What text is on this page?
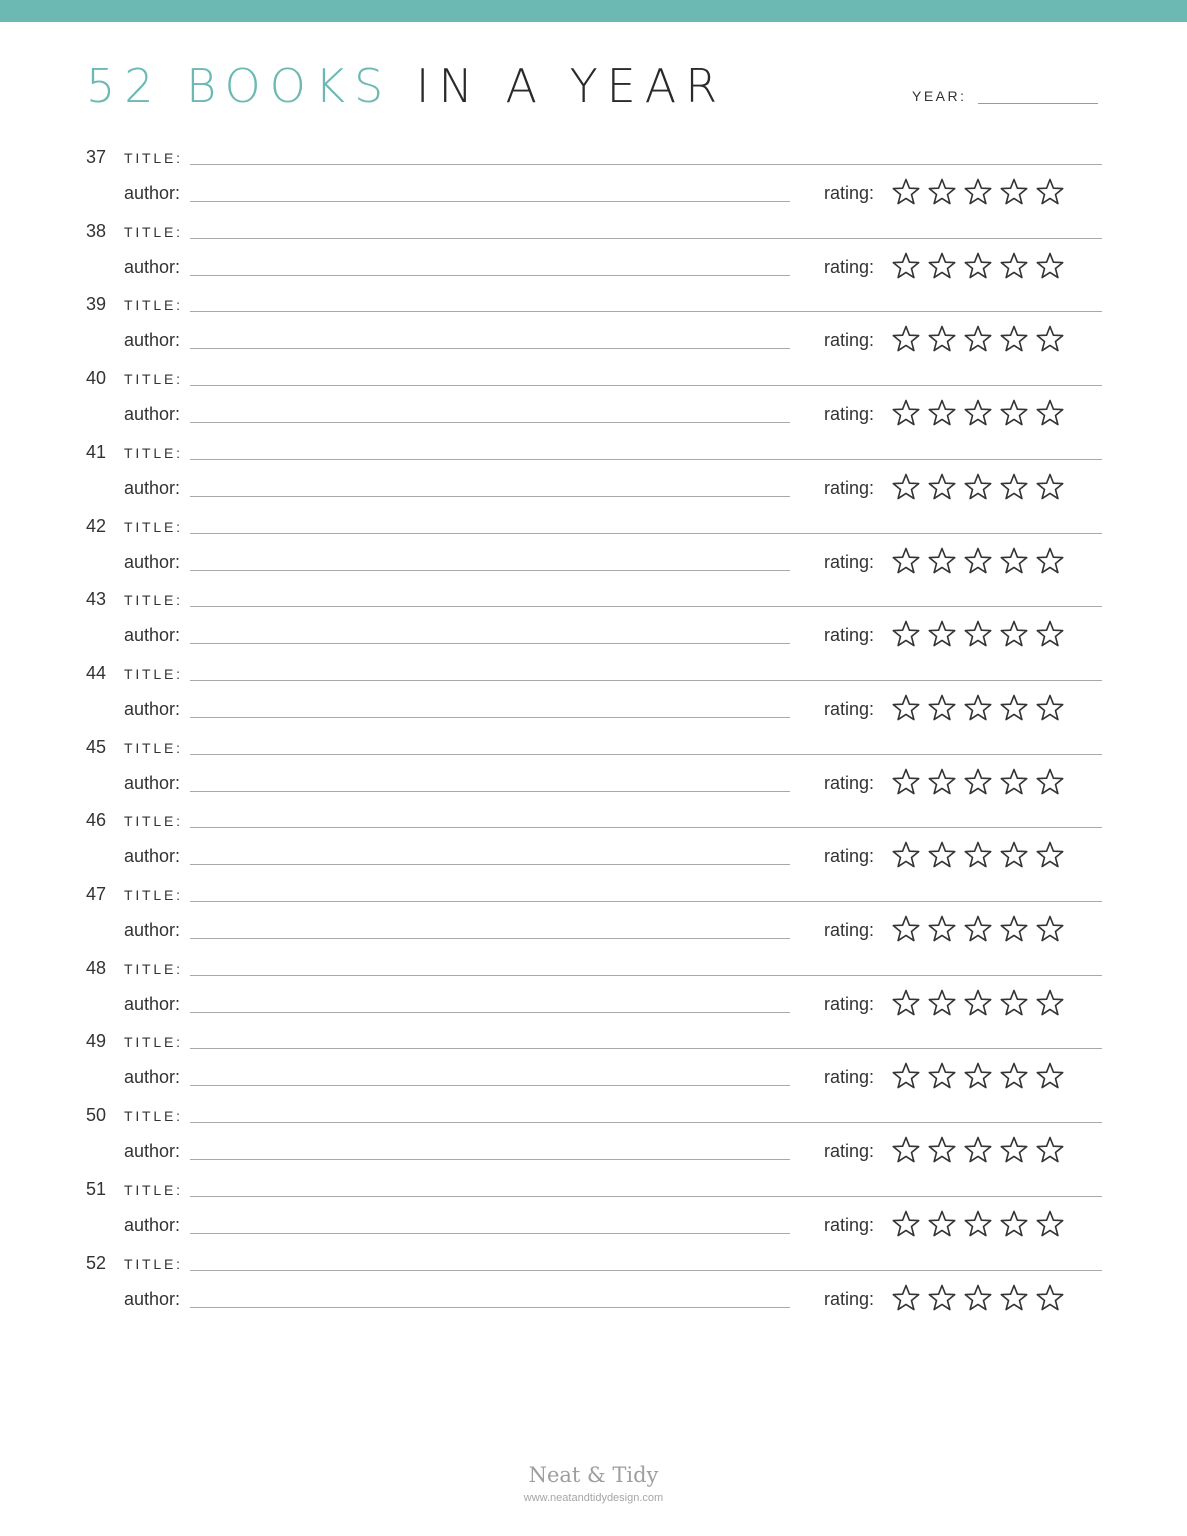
52 BOOKS IN A YEAR	YEAR:
37 TITLE:
author:	rating:
38 TITLE:
author:	rating:
39 TITLE:
author:	rating:
40 TITLE:
author:	rating:
41 TITLE:
author:	rating:
42 TITLE:
author:	rating:
43 TITLE:
author:	rating:
44 TITLE:
author:	rating:
45 TITLE:
author:	rating:
46 TITLE:
author:	rating:
47 TITLE:
author:	rating:
48 TITLE:
author:	rating:
49 TITLE:
author:	rating:
50 TITLE:
author:	rating:
51 TITLE:
author:	rating:
52 TITLE:
author:	rating:
Neat & Tidy
www.neatandtidydesign.com
